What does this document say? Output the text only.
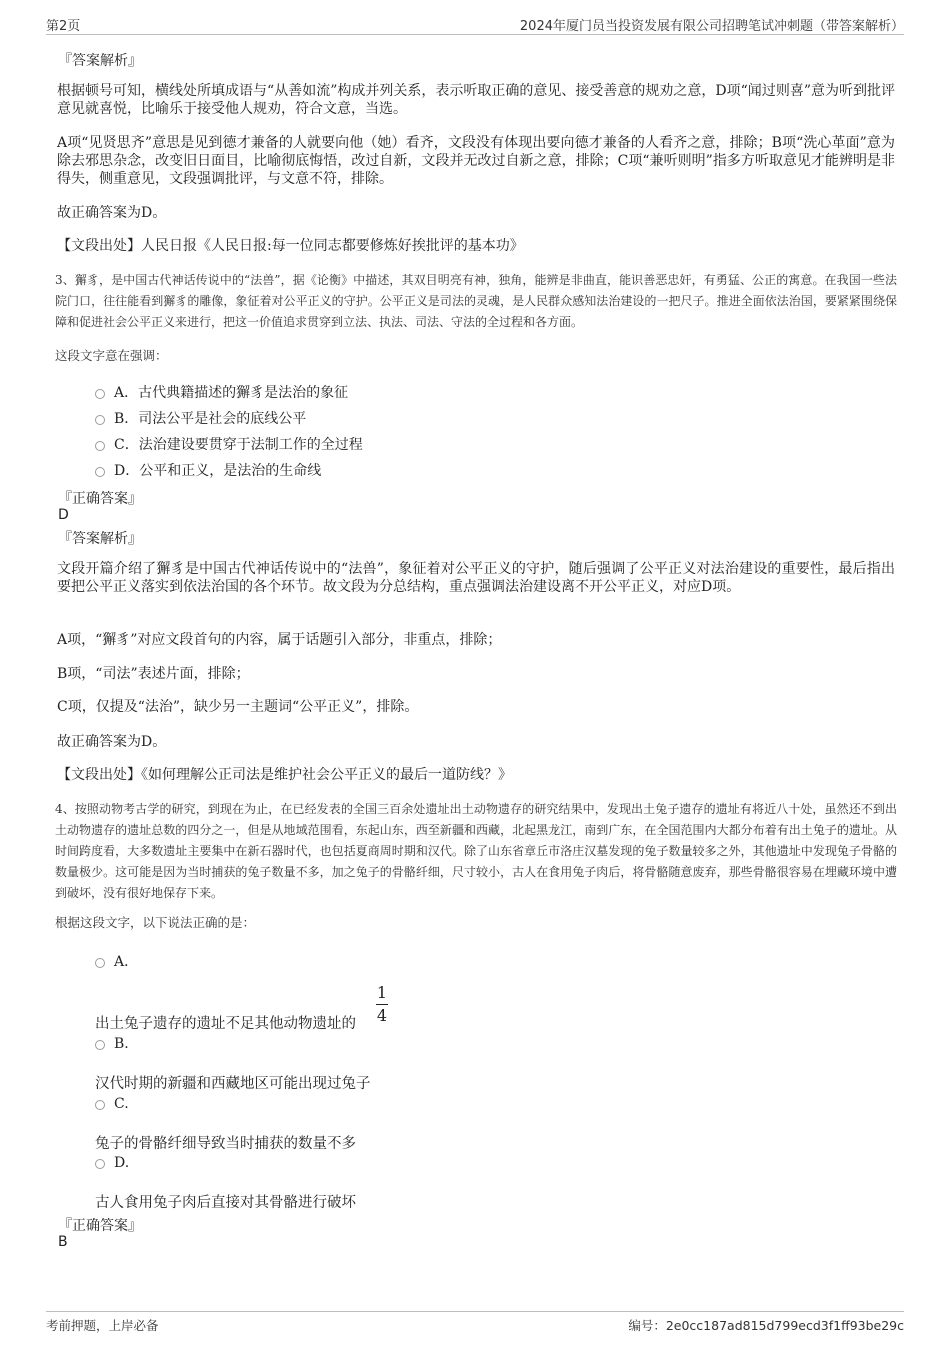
第2页	2024年厦门员当投资发展有限公司招聘笔试冲刺题（带答案解析）
『答案解析』

根据顿号可知，横线处所填成语与“从善如流”构成并列关系，表示听取正确的意见、接受善意的规劝之意，D项“闻过则喜”意为听到批评意见就喜悦，比喻乐于接受他人规劝，符合文意，当选。

A项“见贤思齐”意思是见到德才兼备的人就要向他（她）看齐，文段没有体现出要向德才兼备的人看齐之意，排除；B项“洗心革面”意为除去邪思杂念，改变旧日面目，比喻彻底悔悟，改过自新，文段并无改过自新之意，排除；C项“兼听则明”指多方听取意见才能辨明是非得失，侧重意见，文段强调批评，与文意不符，排除。

故正确答案为D。

【文段出处】人民日报《人民日报:每一位同志都要修炼好挨批评的基本功》

3、獬豸，是中国古代神话传说中的“法兽”，据《论衡》中描述，其双目明亮有神，独角，能辨是非曲直，能识善恶忠奸，有勇猛、公正的寓意。在我国一些法院门口，往往能看到獬豸的雕像，象征着对公平正义的守护。公平正义是司法的灵魂，是人民群众感知法治建设的一把尺子。推进全面依法治国，要紧紧围绕保障和促进社会公平正义来进行，把这一价值追求贯穿到立法、执法、司法、守法的全过程和各方面。

这段文字意在强调：

A．古代典籍描述的獬豸是法治的象征
B．司法公平是社会的底线公平
C．法治建设要贯穿于法制工作的全过程
D．公平和正义，是法治的生命线
『正确答案』
D
『答案解析』

文段开篇介绍了獬豸是中国古代神话传说中的“法兽”，象征着对公平正义的守护，随后强调了公平正义对法治建设的重要性，最后指出要把公平正义落实到依法治国的各个环节。故文段为分总结构，重点强调法治建设离不开公平正义，对应D项。

A项，“獬豸”对应文段首句的内容，属于话题引入部分，非重点，排除；

B项，“司法”表述片面，排除；

C项，仅提及“法治”，缺少另一主题词“公平正义”，排除。

故正确答案为D。

【文段出处】《如何理解公正司法是维护社会公平正义的最后一道防线？》

4、按照动物考古学的研究，到现在为止，在已经发表的全国三百余处遗址出土动物遗存的研究结果中，发现出土兔子遗存的遗址有将近八十处，虽然还不到出土动物遗存的遗址总数的四分之一，但是从地域范围看，东起山东，西至新疆和西藏，北起黑龙江，南到广东，在全国范围内大都分布着有出土兔子的遗址。从时间跨度看，大多数遗址主要集中在新石器时代，也包括夏商周时期和汉代。除了山东省章丘市洛庄汉墓发现的兔子数量较多之外，其他遗址中发现兔子骨骼的数量极少。这可能是因为当时捕获的兔子数量不多，加之兔子的骨骼纤细，尺寸较小，古人在食用兔子肉后，将骨骼随意废弃，那些骨骼很容易在埋藏环境中遭到破坏，没有很好地保存下来。

根据这段文字，以下说法正确的是：

A．
出土兔子遗存的遗址不足其他动物遗址的
1
4
B.
汉代时期的新疆和西藏地区可能出现过兔子
C.
兔子的骨骼纤细导致当时捕获的数量不多
D.
古人食用兔子肉后直接对其骨骼进行破坏
『正确答案』
B
考前押题，上岸必备	编号：2e0cc187ad815d799ecd3f1ff93be29c
